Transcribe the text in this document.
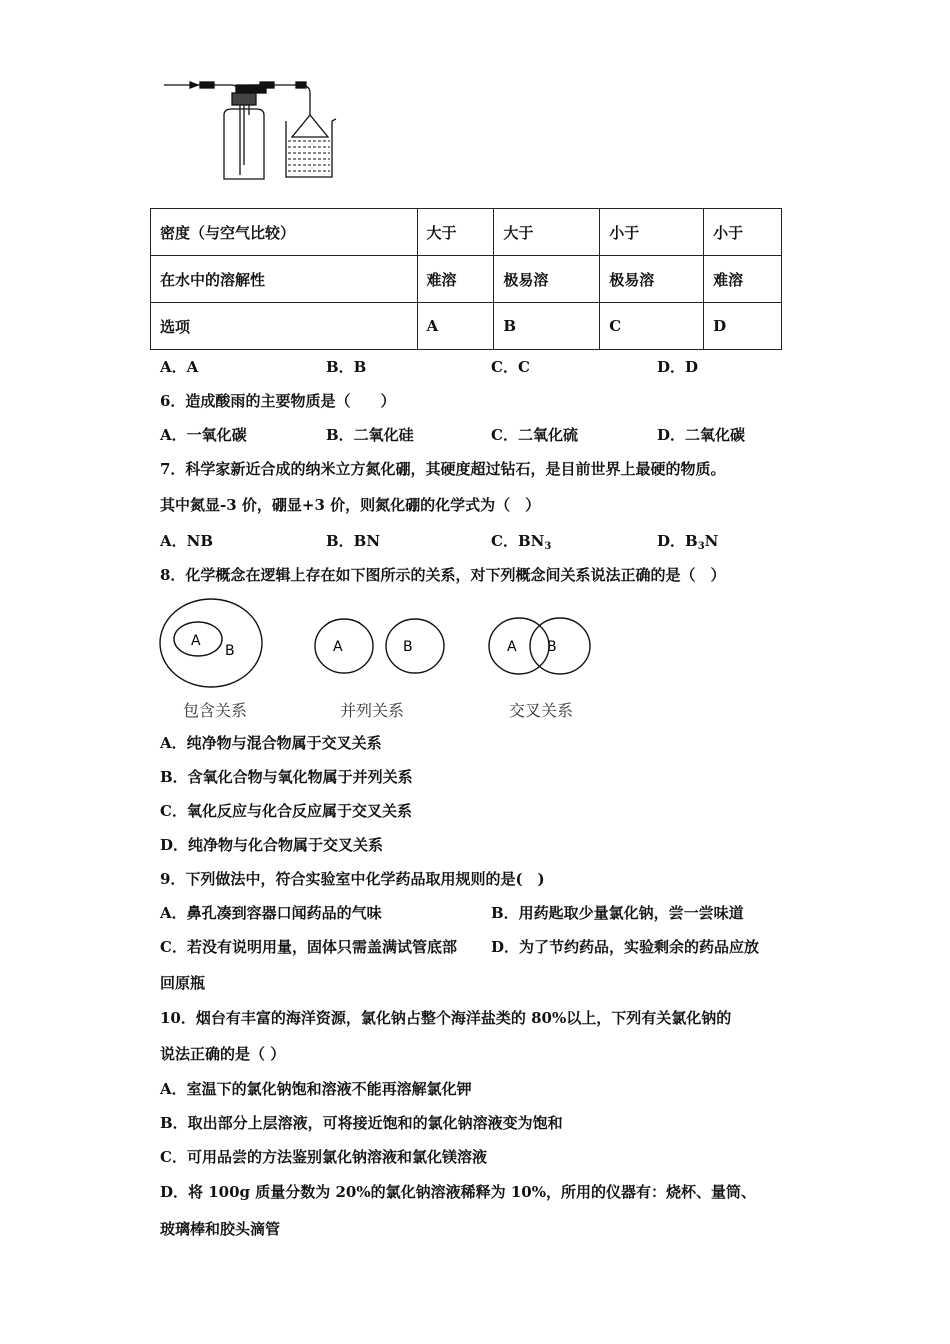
密度（与空气比较）	大于	大于	小于	小于
在水中的溶解性	难溶	极易溶	极易溶	难溶
选项	A	B	C	D
A．A	B．B	C．C	D．D
6．造成酸雨的主要物质是（　　）
A．一氧化碳	B．二氧化硅	C．二氧化硫	D．二氧化碳
7．科学家新近合成的纳米立方氮化硼，其硬度超过钻石，是目前世界上最硬的物质。
其中氮显-3 价，硼显+3 价，则氮化硼的化学式为（　）
A．NB	B．BN	C．$BN_3$	D．$B_3N$
8．化学概念在逻辑上存在如下图所示的关系，对下列概念间关系说法正确的是（　）
A
B	A	B	A B
包含关系	并列关系	交叉关系
A．纯净物与混合物属于交叉关系
B．含氧化合物与氧化物属于并列关系
C．氧化反应与化合反应属于交叉关系
D．纯净物与化合物属于交叉关系
9．下列做法中，符合实验室中化学药品取用规则的是(　)
A．鼻孔凑到容器口闻药品的气味	B．用药匙取少量氯化钠，尝一尝味道
C．若没有说明用量，固体只需盖满试管底部 D．为了节约药品，实验剩余的药品应放
回原瓶
10．烟台有丰富的海洋资源，氯化钠占整个海洋盐类的 80%以上，下列有关氯化钠的
说法正确的是（ ）
A．室温下的氯化钠饱和溶液不能再溶解氯化钾
B．取出部分上层溶液，可将接近饱和的氯化钠溶液变为饱和
C．可用品尝的方法鉴别氯化钠溶液和氯化镁溶液
D．将 100g 质量分数为 20%的氯化钠溶液稀释为 10%，所用的仪器有：烧杯、量筒、
玻璃棒和胶头滴管
